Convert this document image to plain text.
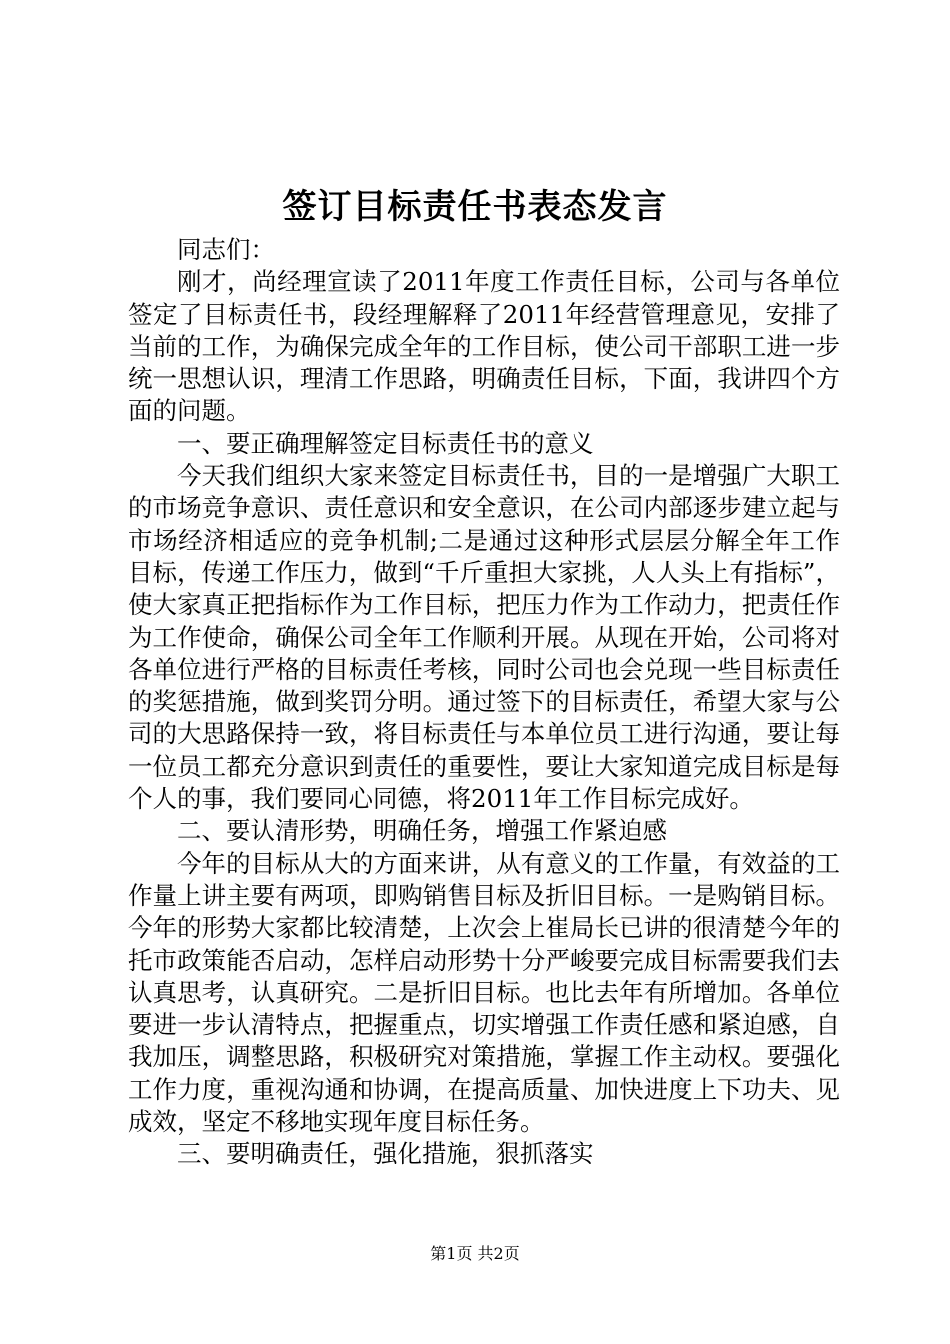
签订目标责任书表态发言

同志们：

刚才，尚经理宣读了2011年度工作责任目标，公司与各单位签定了目标责任书，段经理解释了2011年经营管理意见，安排了当前的工作，为确保完成全年的工作目标，使公司干部职工进一步统一思想认识，理清工作思路，明确责任目标，下面，我讲四个方面的问题。

一、要正确理解签定目标责任书的意义

今天我们组织大家来签定目标责任书，目的一是增强广大职工的市场竞争意识、责任意识和安全意识，在公司内部逐步建立起与市场经济相适应的竞争机制;二是通过这种形式层层分解全年工作目标，传递工作压力，做到“千斤重担大家挑，人人头上有指标”，使大家真正把指标作为工作目标，把压力作为工作动力，把责任作为工作使命，确保公司全年工作顺利开展。从现在开始，公司将对各单位进行严格的目标责任考核，同时公司也会兑现一些目标责任的奖惩措施，做到奖罚分明。通过签下的目标责任，希望大家与公司的大思路保持一致，将目标责任与本单位员工进行沟通，要让每一位员工都充分意识到责任的重要性，要让大家知道完成目标是每个人的事，我们要同心同德，将2011年工作目标完成好。

二、要认清形势，明确任务，增强工作紧迫感

今年的目标从大的方面来讲，从有意义的工作量，有效益的工作量上讲主要有两项，即购销售目标及折旧目标。一是购销目标。今年的形势大家都比较清楚，上次会上崔局长已讲的很清楚今年的托市政策能否启动，怎样启动形势十分严峻要完成目标需要我们去认真思考，认真研究。二是折旧目标。也比去年有所增加。各单位要进一步认清特点，把握重点，切实增强工作责任感和紧迫感，自我加压，调整思路，积极研究对策措施，掌握工作主动权。要强化工作力度，重视沟通和协调，在提高质量、加快进度上下功夫、见成效，坚定不移地实现年度目标任务。

三、要明确责任，强化措施，狠抓落实

第1页 共2页
